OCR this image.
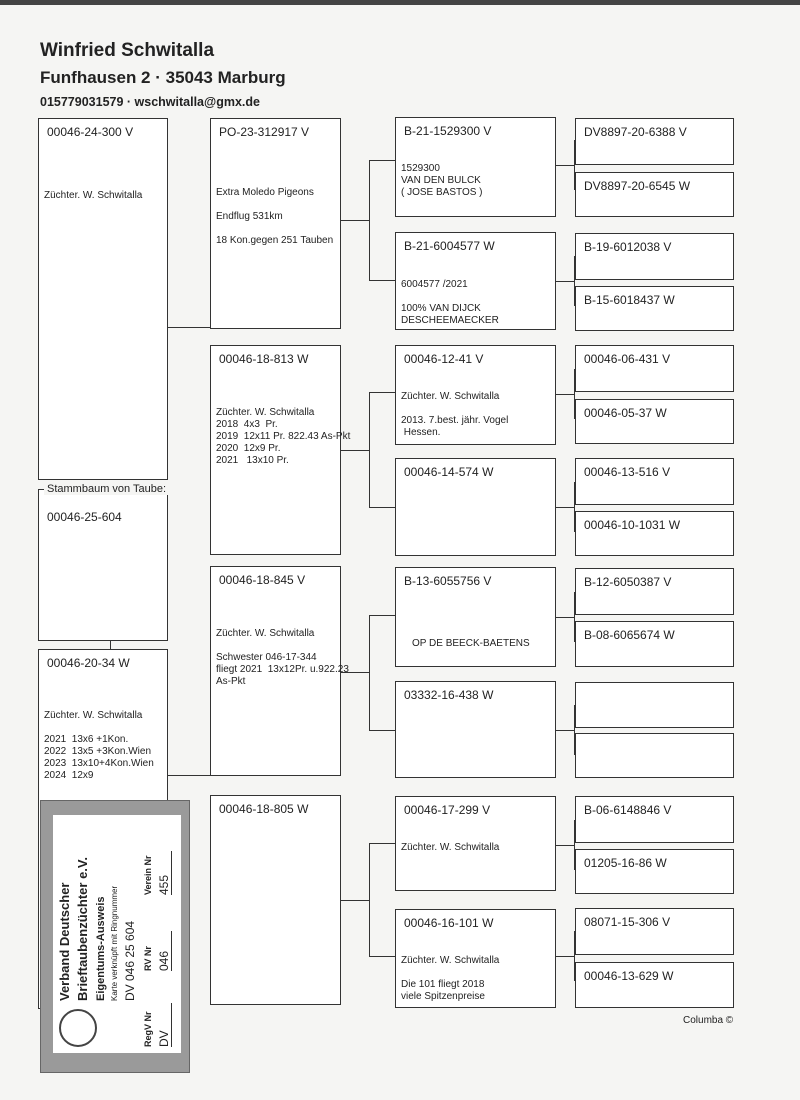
Winfried Schwitalla
Funfhausen 2 · 35043 Marburg
015779031579 · wschwitalla@gmx.de
00046-24-300 V
Züchter. W. Schwitalla
00046-25-604
Stammbaum von Taube:
00046-20-34 W
Züchter. W. Schwitalla

2021  13x6 +1Kon.
2022  13x5 +3Kon.Wien
2023  13x10+4Kon.Wien
2024  12x9
PO-23-312917 V
Extra Moledo Pigeons

Endflug 531km

18 Kon.gegen 251 Tauben
00046-18-813 W
Züchter. W. Schwitalla
2018  4x3  Pr.
2019  12x11 Pr. 822.43 As-Pkt
2020  12x9 Pr.
2021   13x10 Pr.
00046-18-845 V
Züchter. W. Schwitalla

Schwester 046-17-344
fliegt 2021  13x12Pr. u.922.23
As-Pkt
00046-18-805 W
B-21-1529300 V
1529300
VAN DEN BULCK
( JOSE BASTOS )
B-21-6004577 W
6004577 /2021

100% VAN DIJCK
DESCHEEMAECKER
00046-12-41 V
Züchter. W. Schwitalla

2013. 7.best. jähr. Vogel
Hessen.
00046-14-574 W
B-13-6055756 V
OP DE BEECK-BAETENS
03332-16-438 W
00046-17-299 V
Züchter. W. Schwitalla
00046-16-101 W
Züchter. W. Schwitalla

Die 101 fliegt 2018
viele Spitzenpreise
DV8897-20-6388 V
DV8897-20-6545 W
B-19-6012038 V
B-15-6018437 W
00046-06-431 V
00046-05-37 W
00046-13-516 V
00046-10-1031 W
B-12-6050387 V
B-08-6065674 W
B-06-6148846 V
01205-16-86 W
08071-15-306 V
00046-13-629 W
Verband Deutscher Brieftaubenzüchter e.V. Eigentums-Ausweis Karte verknüpft mit Ringnummer DV 046 25 604
RegV Nr DV
RV Nr 046
Verein Nr 455
Columba ©
